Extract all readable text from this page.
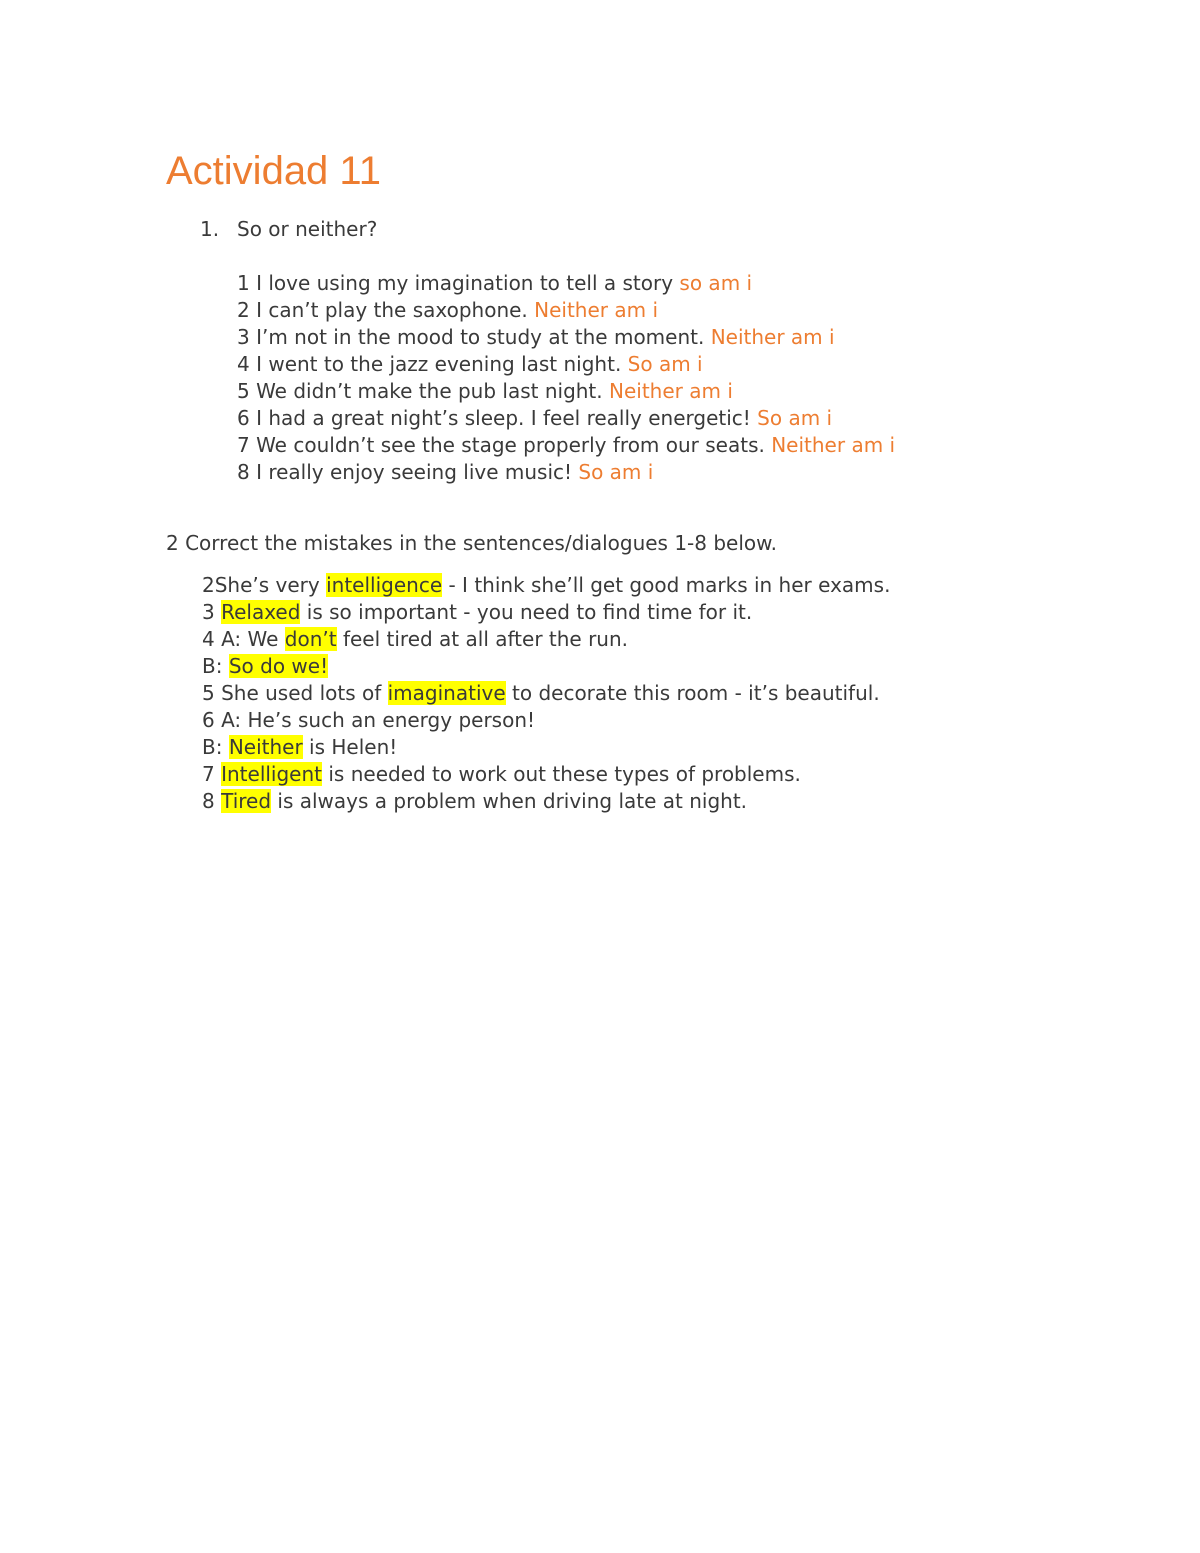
Actividad 11
1. So or neither?
1 I love using my imagination to tell a story so am i
2 I can’t play the saxophone. Neither am i
3 I’m not in the mood to study at the moment. Neither am i
4 I went to the jazz evening last night. So am i
5 We didn’t make the pub last night. Neither am i
6 I had a great night’s sleep. I feel really energetic! So am i
7 We couldn’t see the stage properly from our seats. Neither am i
8 I really enjoy seeing live music! So am i
2 Correct the mistakes in the sentences/dialogues 1-8 below.
2She’s very intelligence - I think she’ll get good marks in her exams.
3 Relaxed is so important - you need to find time for it.
4 A: We don’t feel tired at all after the run.
B: So do we!
5 She used lots of imaginative to decorate this room - it’s beautiful.
6 A: He’s such an energy person!
B: Neither is Helen!
7 Intelligent is needed to work out these types of problems.
8 Tired is always a problem when driving late at night.
